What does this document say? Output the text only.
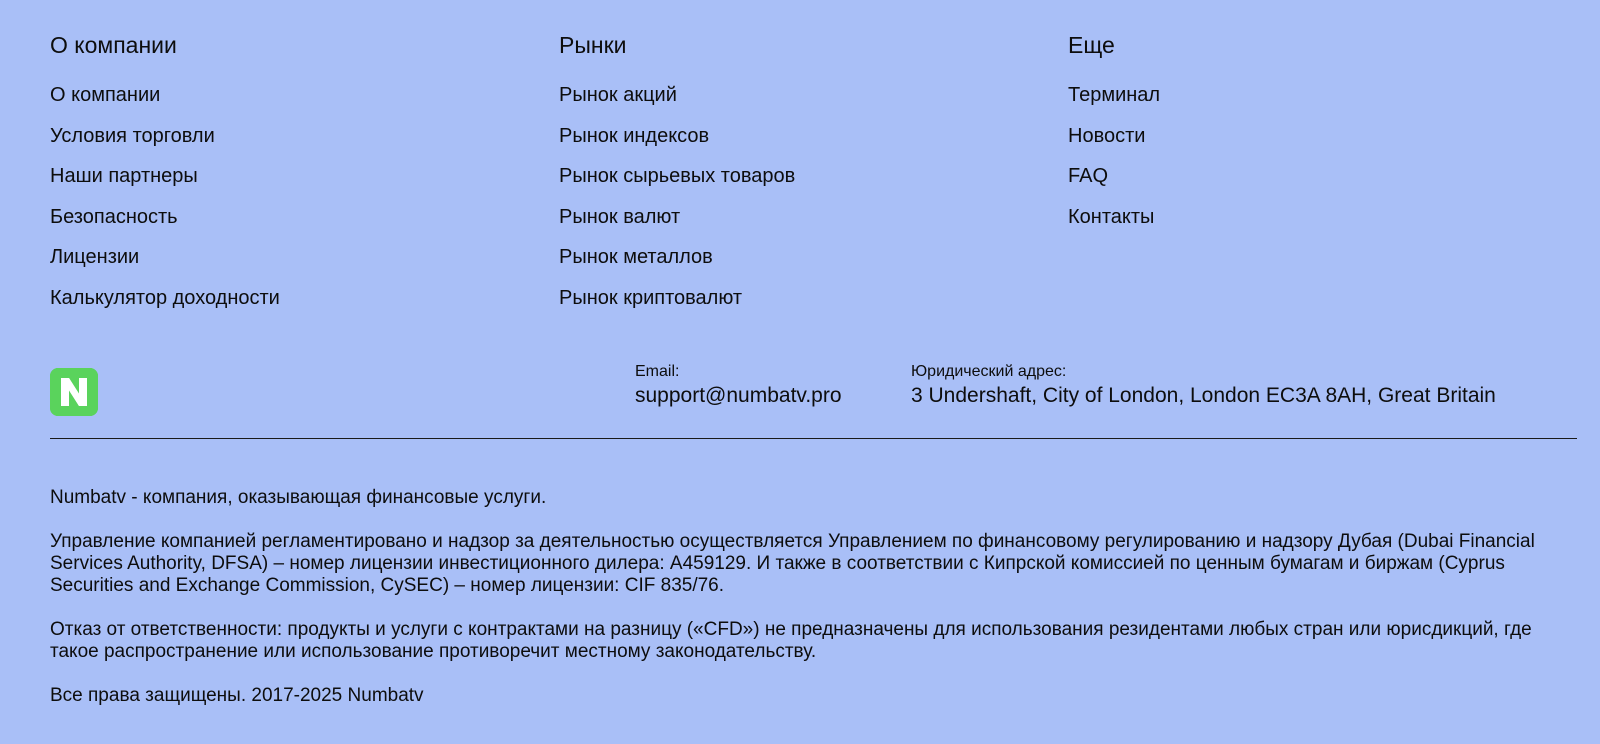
О компании
О компании
Условия торговли
Наши партнеры
Безопасность
Лицензии
Калькулятор доходности
Рынки
Рынок акций
Рынок индексов
Рынок сырьевых товаров
Рынок валют
Рынок металлов
Рынок криптовалют
Еще
Терминал
Новости
FAQ
Контакты
Email:
support@numbatv.pro
Юридический адрес:
3 Undershaft, City of London, London EC3A 8AH, Great Britain

Numbatv - компания, оказывающая финансовые услуги.

Управление компанией регламентировано и надзор за деятельностью осуществляется Управлением по финансовому регулированию и надзору Дубая (Dubai Financial Services Authority, DFSA) – номер лицензии инвестиционного дилера: A459129. И также в соответствии с Кипрской комиссией по ценным бумагам и биржам (Cyprus Securities and Exchange Commission, CySEC) – номер лицензии: CIF 835/76.

Отказ от ответственности: продукты и услуги с контрактами на разницу («CFD») не предназначены для использования резидентами любых стран или юрисдикций, где такое распространение или использование противоречит местному законодательству.

Все права защищены. 2017-2025 Numbatv
